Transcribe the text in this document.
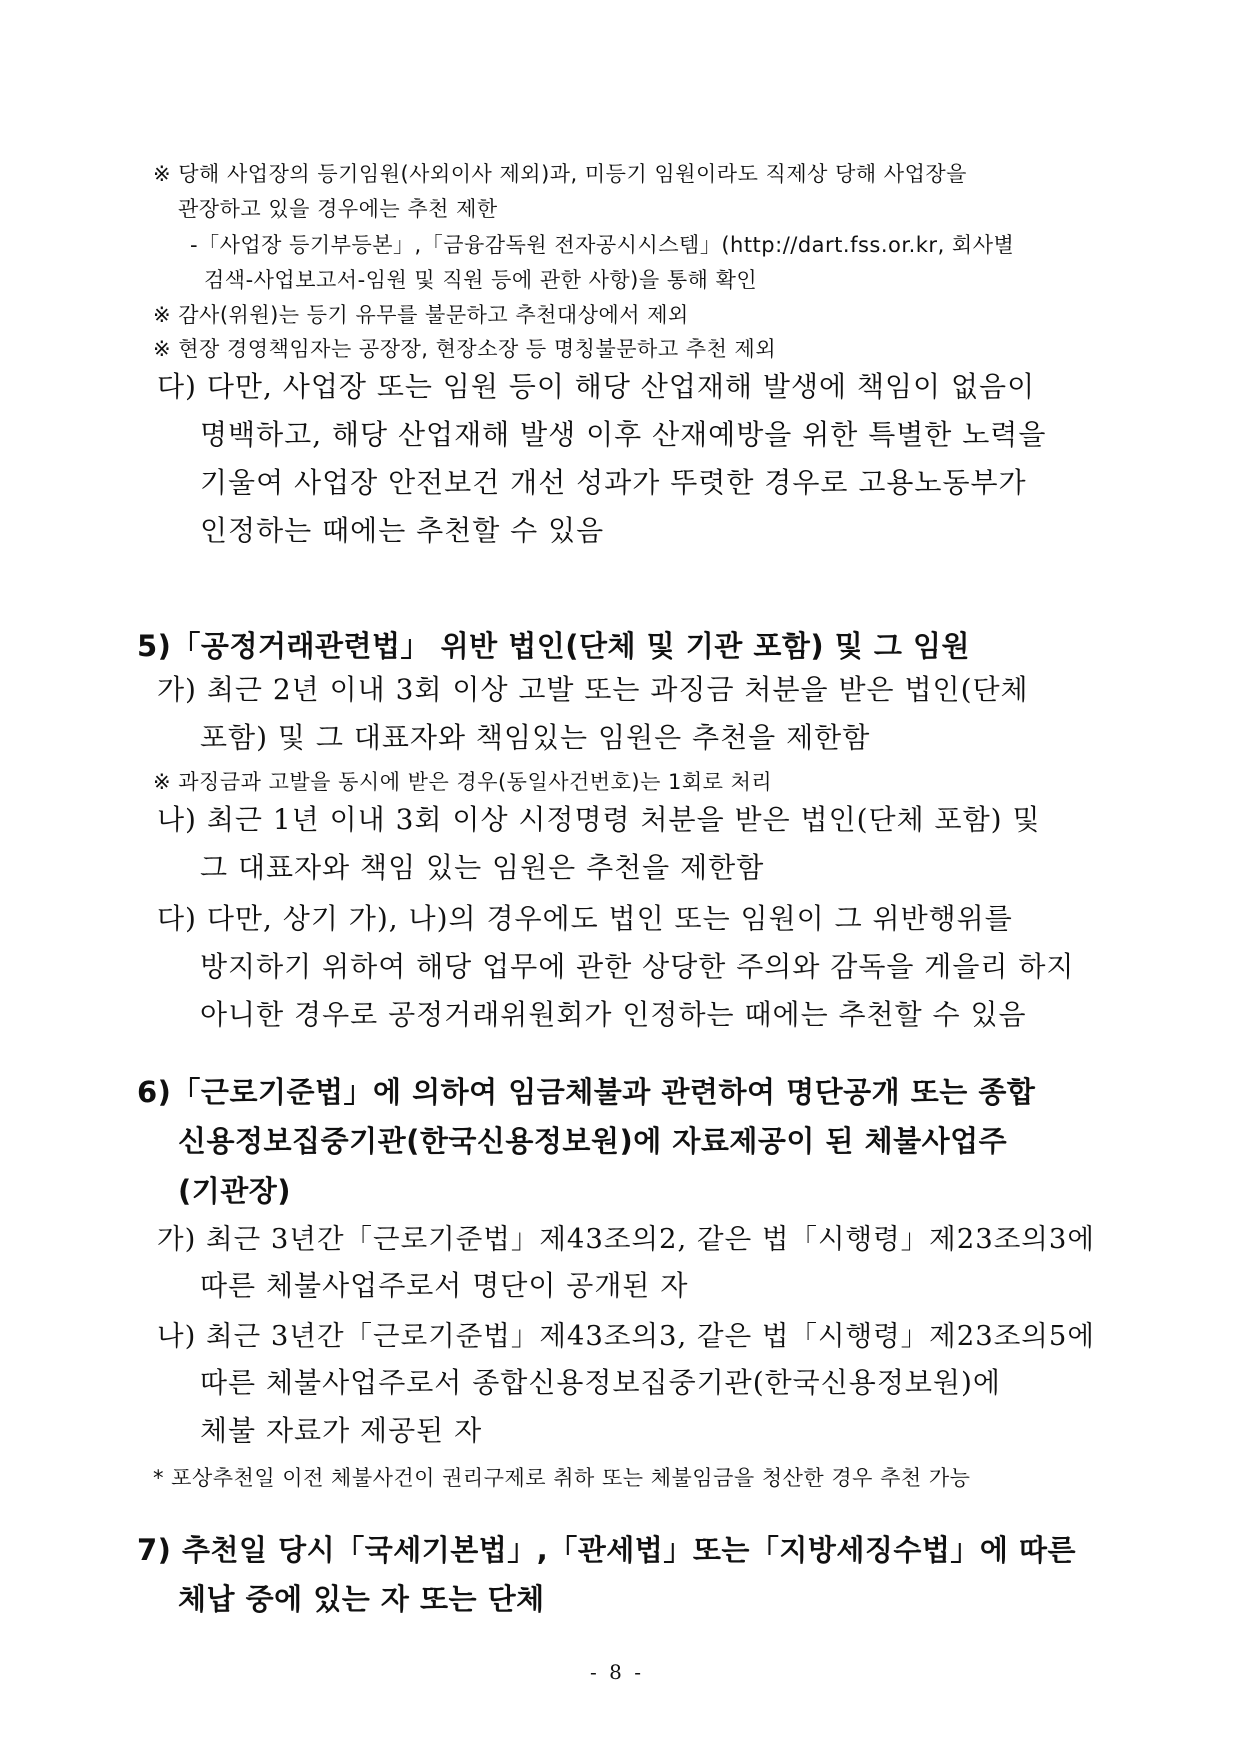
※ 당해 사업장의 등기임원(사외이사 제외)과, 미등기 임원이라도 직제상 당해 사업장을
관장하고 있을 경우에는 추천 제한
-「사업장 등기부등본」,「금융감독원 전자공시시스템」(http://dart.fss.or.kr, 회사별
검색-사업보고서-임원 및 직원 등에 관한 사항)을 통해 확인
※ 감사(위원)는 등기 유무를 불문하고 추천대상에서 제외
※ 현장 경영책임자는 공장장, 현장소장 등 명칭불문하고 추천 제외
다) 다만, 사업장 또는 임원 등이 해당 산업재해 발생에 책임이 없음이
명백하고, 해당 산업재해 발생 이후 산재예방을 위한 특별한 노력을
기울여 사업장 안전보건 개선 성과가 뚜렷한 경우로 고용노동부가
인정하는 때에는 추천할 수 있음
5)「공정거래관련법」 위반 법인(단체 및 기관 포함) 및 그 임원
가) 최근 2년 이내 3회 이상 고발 또는 과징금 처분을 받은 법인(단체
포함) 및 그 대표자와 책임있는 임원은 추천을 제한함
※ 과징금과 고발을 동시에 받은 경우(동일사건번호)는 1회로 처리
나) 최근 1년 이내 3회 이상 시정명령 처분을 받은 법인(단체 포함) 및
그 대표자와 책임 있는 임원은 추천을 제한함
다) 다만, 상기 가), 나)의 경우에도 법인 또는 임원이 그 위반행위를
방지하기 위하여 해당 업무에 관한 상당한 주의와 감독을 게을리 하지
아니한 경우로 공정거래위원회가 인정하는 때에는 추천할 수 있음
6)「근로기준법」에 의하여 임금체불과 관련하여 명단공개 또는 종합
신용정보집중기관(한국신용정보원)에 자료제공이 된 체불사업주
(기관장)
가) 최근 3년간「근로기준법」제43조의2, 같은 법「시행령」제23조의3에
따른 체불사업주로서 명단이 공개된 자
나) 최근 3년간「근로기준법」제43조의3, 같은 법「시행령」제23조의5에
따른 체불사업주로서 종합신용정보집중기관(한국신용정보원)에
체불 자료가 제공된 자
* 포상추천일 이전 체불사건이 권리구제로 취하 또는 체불임금을 청산한 경우 추천 가능
7) 추천일 당시「국세기본법」,「관세법」또는「지방세징수법」에 따른
체납 중에 있는 자 또는 단체
- 8 -
